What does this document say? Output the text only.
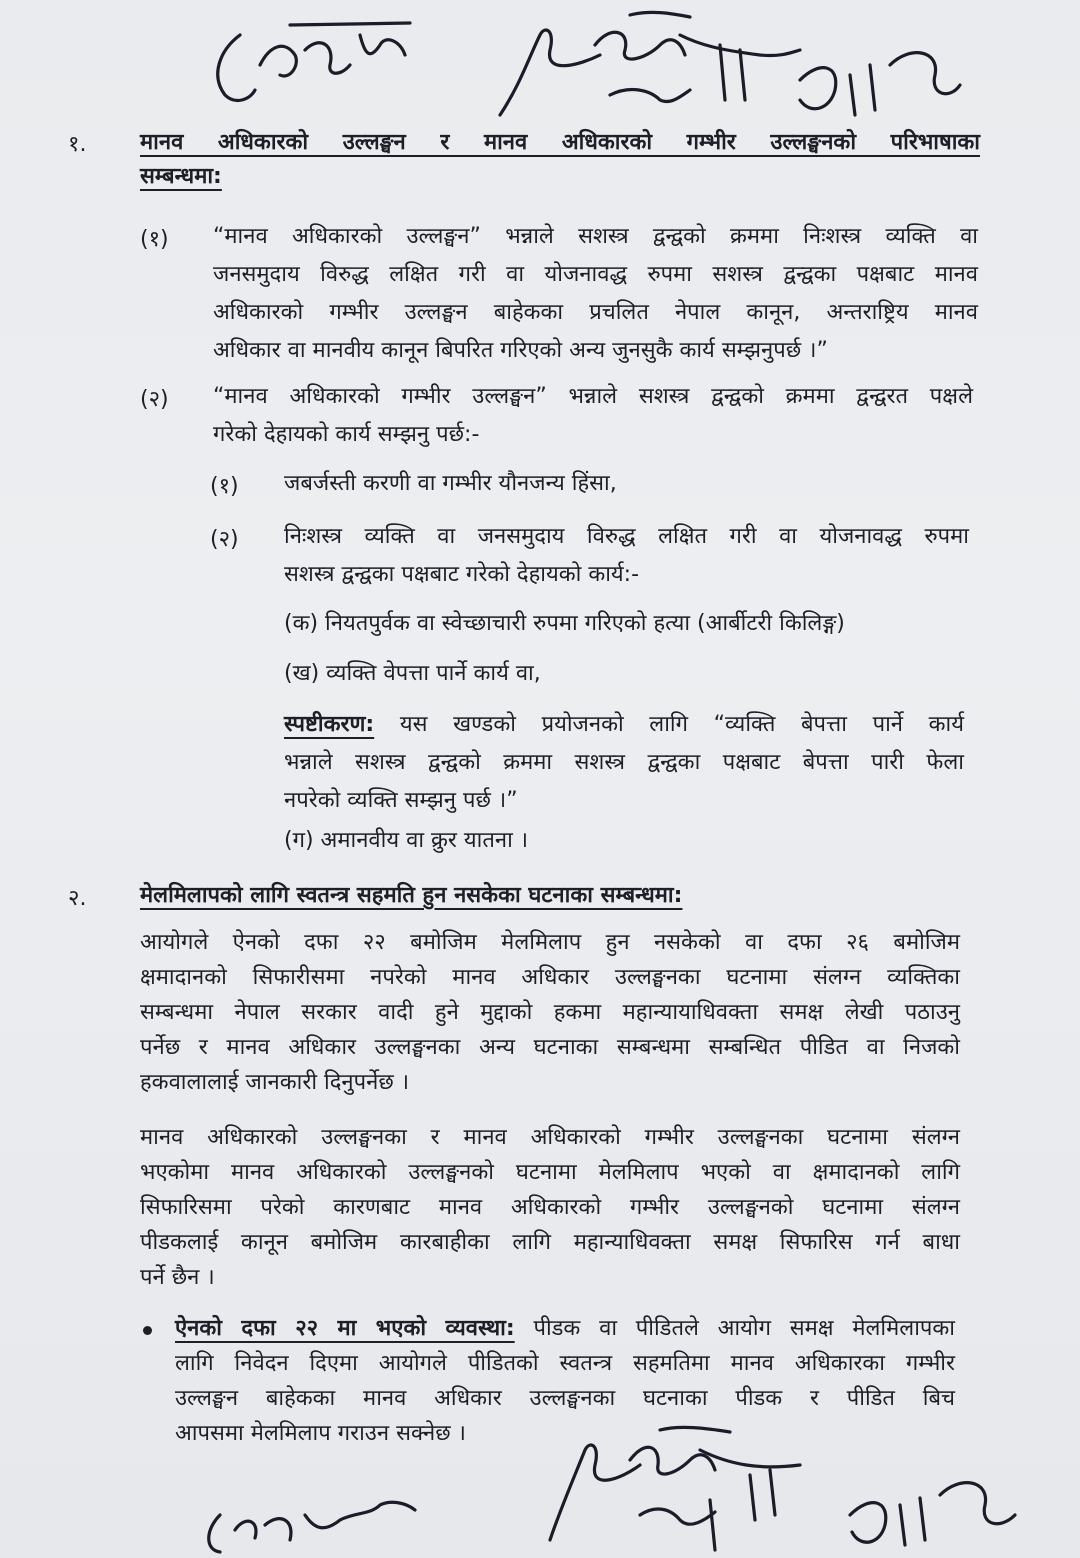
१. मानव अधिकारको उल्लङ्घन र मानव अधिकारको गम्भीर उल्लङ्घनको परिभाषाका
सम्बन्धमा:
(१) “मानव अधिकारको उल्लङ्घन” भन्नाले सशस्त्र द्वन्द्वको क्रममा निःशस्त्र व्यक्ति वा
जनसमुदाय विरुद्ध लक्षित गरी वा योजनावद्ध रुपमा सशस्त्र द्वन्द्वका पक्षबाट मानव
अधिकारको गम्भीर उल्लङ्घन बाहेकका प्रचलित नेपाल कानून, अन्तराष्ट्रिय मानव
अधिकार वा मानवीय कानून बिपरित गरिएको अन्य जुनसुकै कार्य सम्झनुपर्छ ।”
(२) “मानव अधिकारको गम्भीर उल्लङ्घन” भन्नाले सशस्त्र द्वन्द्वको क्रममा द्वन्द्वरत पक्षले
गरेको देहायको कार्य सम्झनु पर्छ:-
(१) जबर्जस्ती करणी वा गम्भीर यौनजन्य हिंसा,
(२) निःशस्त्र व्यक्ति वा जनसमुदाय विरुद्ध लक्षित गरी वा योजनावद्ध रुपमा
सशस्त्र द्वन्द्वका पक्षबाट गरेको देहायको कार्य:-
(क) नियतपुर्वक वा स्वेच्छाचारी रुपमा गरिएको हत्या (आर्बीटरी किलिङ्ग)
(ख) व्यक्ति वेपत्ता पार्ने कार्य वा,
स्पष्टीकरण: यस खण्डको प्रयोजनको लागि “व्यक्ति बेपत्ता पार्ने कार्य
भन्नाले सशस्त्र द्वन्द्वको क्रममा सशस्त्र द्वन्द्वका पक्षबाट बेपत्ता पारी फेला
नपरेको व्यक्ति सम्झनु पर्छ ।”
(ग) अमानवीय वा क्रुर यातना ।
२. मेलमिलापको लागि स्वतन्त्र सहमति हुन नसकेका घटनाका सम्बन्धमा:
आयोगले ऐनको दफा २२ बमोजिम मेलमिलाप हुन नसकेको वा दफा २६ बमोजिम
क्षमादानको सिफारीसमा नपरेको मानव अधिकार उल्लङ्घनका घटनामा संलग्न व्यक्तिका
सम्बन्धमा नेपाल सरकार वादी हुने मुद्दाको हकमा महान्यायाधिवक्ता समक्ष लेखी पठाउनु
पर्नेछ र मानव अधिकार उल्लङ्घनका अन्य घटनाका सम्बन्धमा सम्बन्धित पीडित वा निजको
हकवालालाई जानकारी दिनुपर्नेछ ।
मानव अधिकारको उल्लङ्घनका र मानव अधिकारको गम्भीर उल्लङ्घनका घटनामा संलग्न
भएकोमा मानव अधिकारको उल्लङ्घनको घटनामा मेलमिलाप भएको वा क्षमादानको लागि
सिफारिसमा परेको कारणबाट मानव अधिकारको गम्भीर उल्लङ्घनको घटनामा संलग्न
पीडकलाई कानून बमोजिम कारबाहीका लागि महान्याधिवक्ता समक्ष सिफारिस गर्न बाधा
पर्ने छैन ।
ऐनको दफा २२ मा भएको व्यवस्था: पीडक वा पीडितले आयोग समक्ष मेलमिलापका
लागि निवेदन दिएमा आयोगले पीडितको स्वतन्त्र सहमतिमा मानव अधिकारका गम्भीर
उल्लङ्घन बाहेकका मानव अधिकार उल्लङ्घनका घटनाका पीडक र पीडित बिच
आपसमा मेलमिलाप गराउन सक्नेछ ।
